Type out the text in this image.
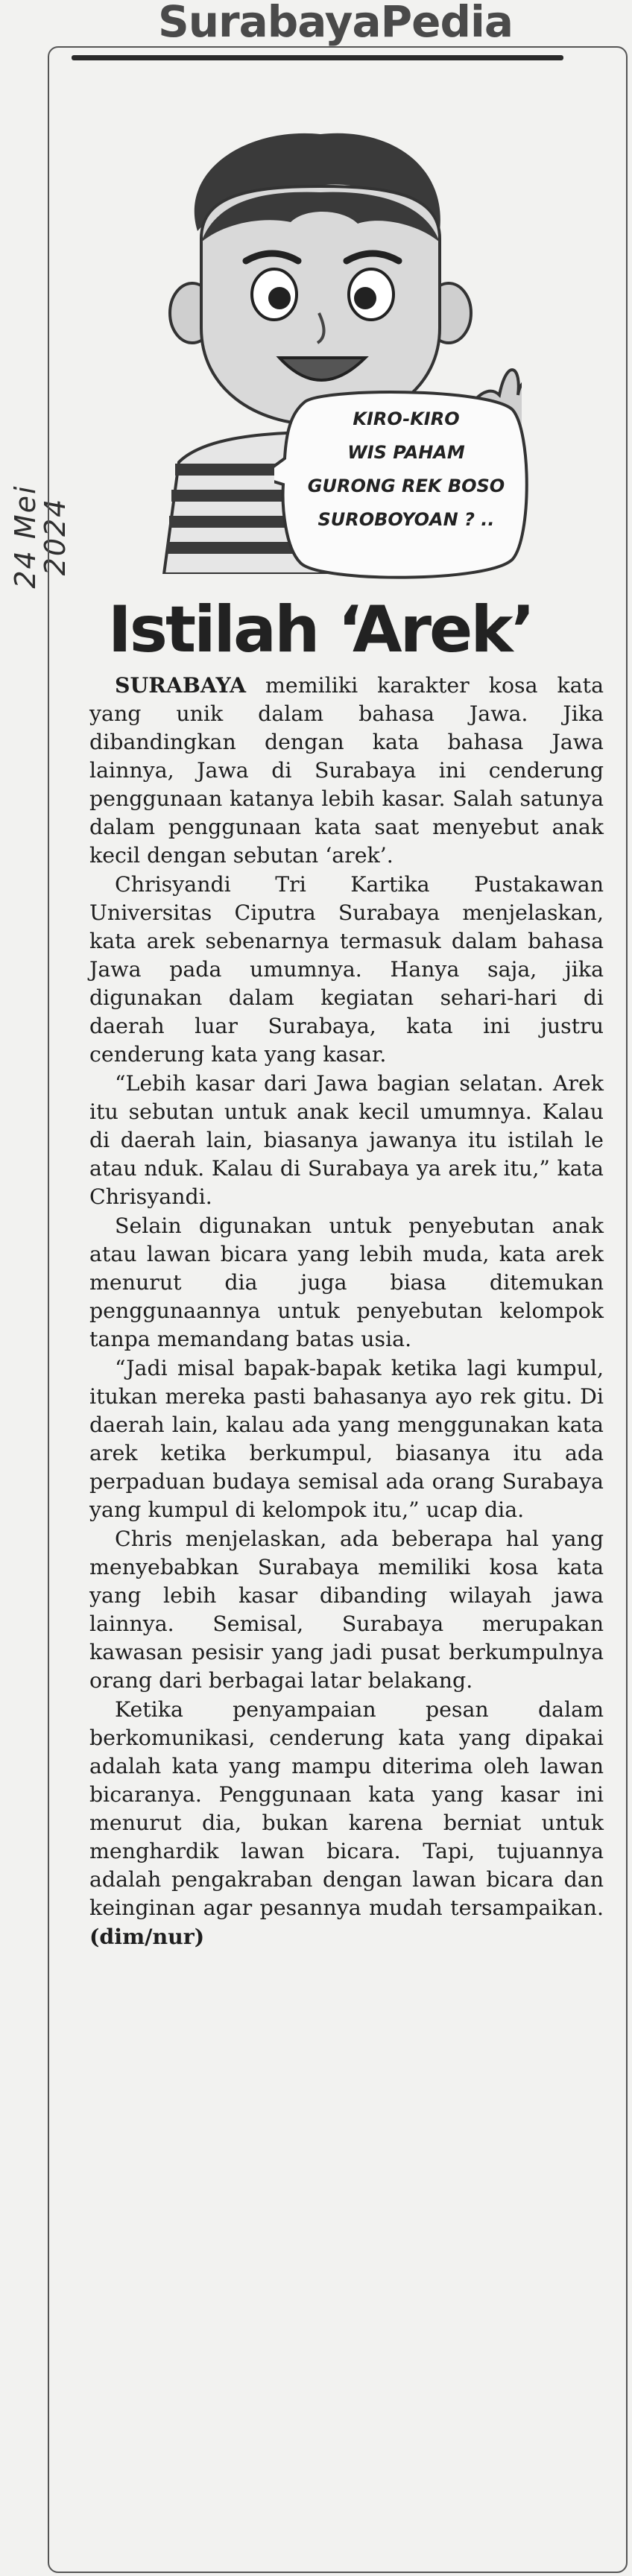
SurabayaPedia
24 Mei 2024
KIRO-KIRO
WIS PAHAM
GURONG REK BOSO
SUROBOYOAN ? ..
Istilah ‘Arek’

SURABAYA memiliki karakter kosa kata yang unik dalam bahasa Jawa. Jika dibandingkan dengan kata bahasa Jawa lainnya, Jawa di Surabaya ini cenderung penggunaan katanya lebih kasar. Salah satunya dalam penggunaan kata saat menyebut anak kecil dengan sebutan ‘arek’.

Chrisyandi Tri Kartika Pustakawan Universitas Ciputra Surabaya menjelaskan, kata arek sebenarnya termasuk dalam bahasa Jawa pada umumnya. Hanya saja, jika digunakan dalam kegiatan sehari-hari di daerah luar Surabaya, kata ini justru cenderung kata yang kasar.

“Lebih kasar dari Jawa bagian selatan. Arek itu sebutan untuk anak kecil umumnya. Kalau di daerah lain, biasanya jawanya itu istilah le atau nduk. Kalau di Surabaya ya arek itu,” kata Chrisyandi.

Selain digunakan untuk penyebutan anak atau lawan bicara yang lebih muda, kata arek menurut dia juga biasa ditemukan penggunaannya untuk penyebutan kelompok tanpa memandang batas usia.

“Jadi misal bapak-bapak ketika lagi kumpul, itukan mereka pasti bahasanya ayo rek gitu. Di daerah lain, kalau ada yang menggunakan kata arek ketika berkumpul, biasanya itu ada perpaduan budaya semisal ada orang Surabaya yang kumpul di kelompok itu,” ucap dia.

Chris menjelaskan, ada beberapa hal yang menyebabkan Surabaya memiliki kosa kata yang lebih kasar dibanding wilayah jawa lainnya. Semisal, Surabaya merupakan kawasan pesisir yang jadi pusat berkumpulnya orang dari berbagai latar belakang.

Ketika penyampaian pesan dalam berkomunikasi, cenderung kata yang dipakai adalah kata yang mampu diterima oleh lawan bicaranya. Penggunaan kata yang kasar ini menurut dia, bukan karena berniat untuk menghardik lawan bicara. Tapi, tujuannya adalah pengakraban dengan lawan bicara dan keinginan agar pesannya mudah tersampaikan. (dim/nur)
